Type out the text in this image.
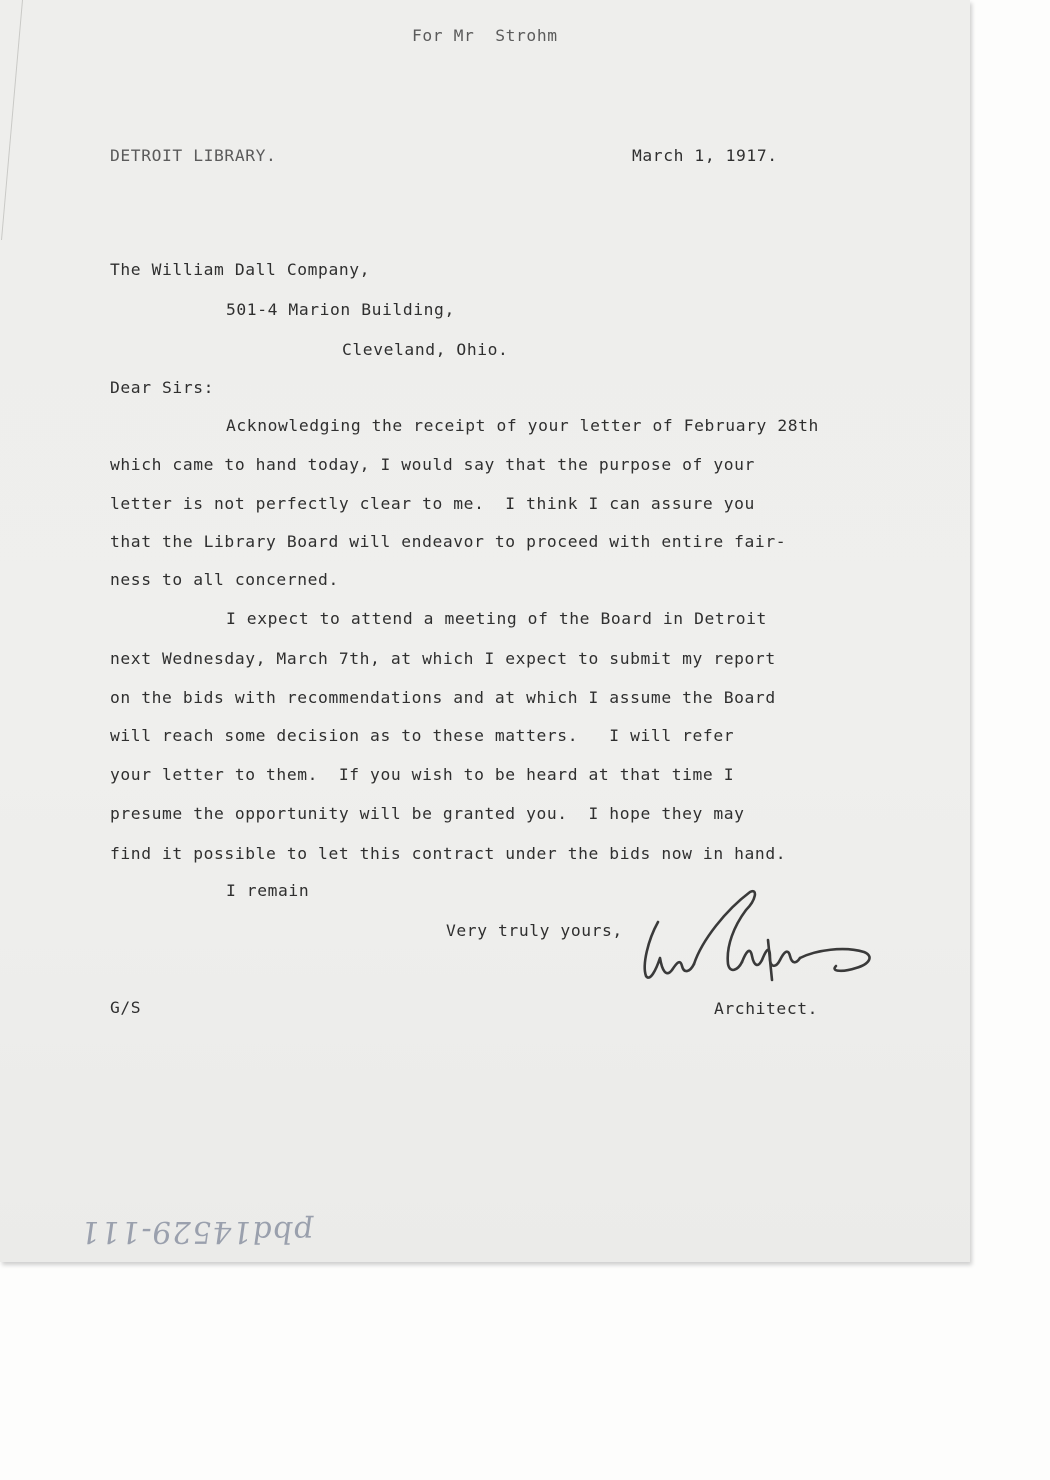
For Mr  Strohm
DETROIT LIBRARY.	March 1, 1917.
The William Dall Company,
501-4 Marion Building,
Cleveland, Ohio.
Dear Sirs:
Acknowledging the receipt of your letter of February 28th
which came to hand today, I would say that the purpose of your
letter is not perfectly clear to me.  I think I can assure you
that the Library Board will endeavor to proceed with entire fair-
ness to all concerned.
I expect to attend a meeting of the Board in Detroit
next Wednesday, March 7th, at which I expect to submit my report
on the bids with recommendations and at which I assume the Board
will reach some decision as to these matters.   I will refer
your letter to them.  If you wish to be heard at that time I
presume the opportunity will be granted you.  I hope they may
find it possible to let this contract under the bids now in hand.
I remain
Very truly yours,
G/S	Architect.
pbd14529-111
